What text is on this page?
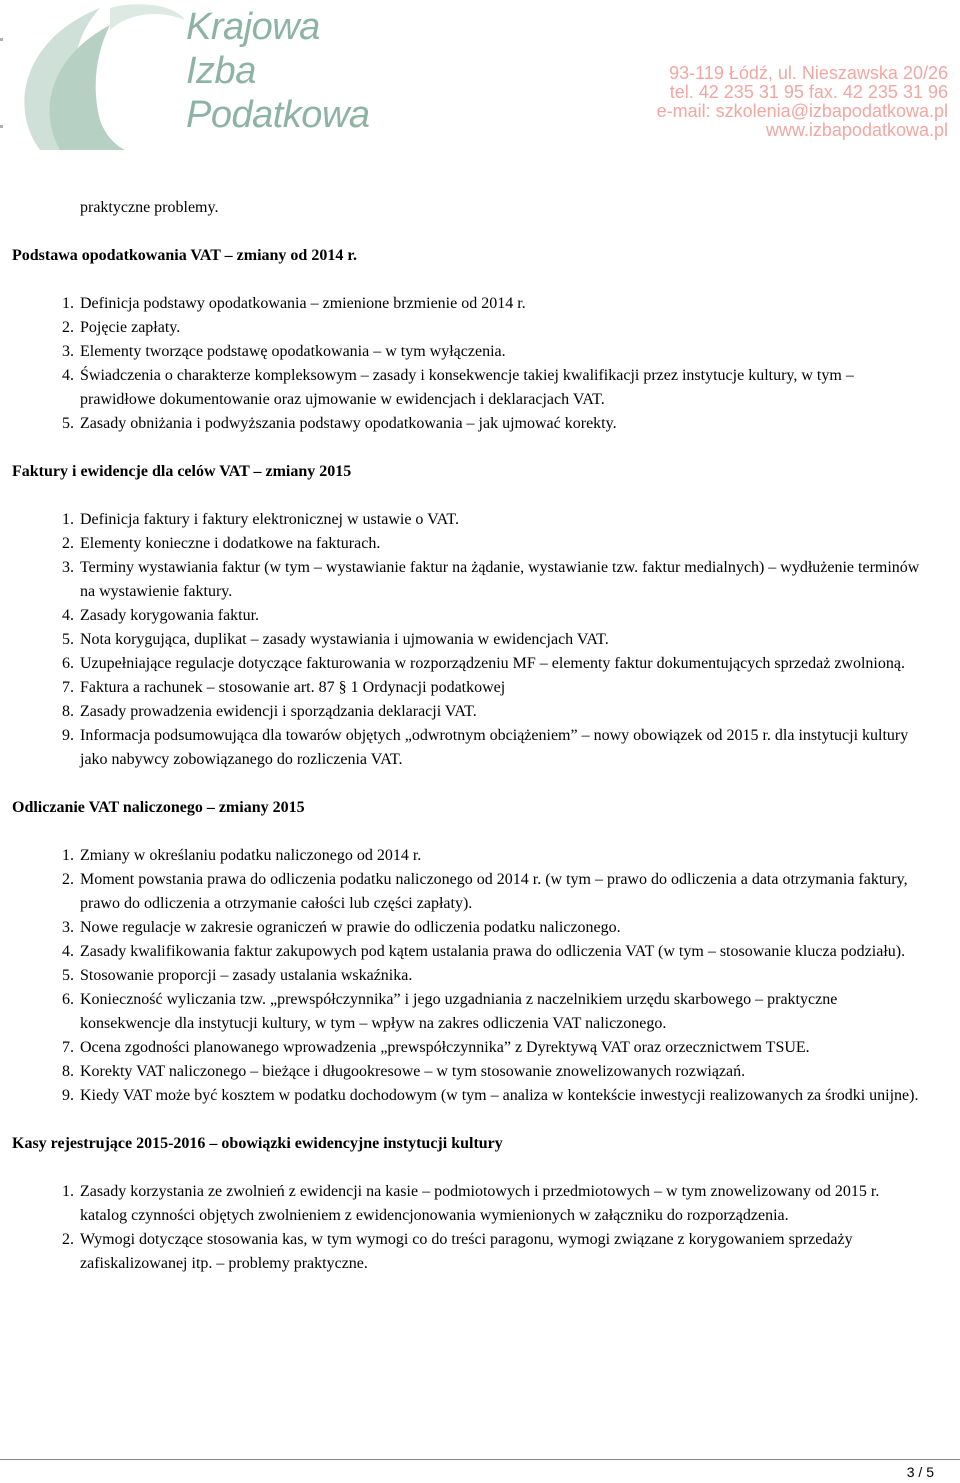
Krajowa
Izba
Podatkowa
93-119 Łódź, ul. Nieszawska 20/26
tel. 42 235 31 95 fax. 42 235 31 96
e-mail: szkolenia@izbapodatkowa.pl
www.izbapodatkowa.pl

praktyczne problemy.

Podstawa opodatkowania VAT – zmiany od 2014 r.
1. Definicja podstawy opodatkowania – zmienione brzmienie od 2014 r.
2. Pojęcie zapłaty.
3. Elementy tworzące podstawę opodatkowania – w tym wyłączenia.
4. Świadczenia o charakterze kompleksowym – zasady i konsekwencje takiej kwalifikacji przez instytucje kultury, w tym – prawidłowe dokumentowanie oraz ujmowanie w ewidencjach i deklaracjach VAT.
5. Zasady obniżania i podwyższania podstawy opodatkowania – jak ujmować korekty.
Faktury i ewidencje dla celów VAT – zmiany 2015
1. Definicja faktury i faktury elektronicznej w ustawie o VAT.
2. Elementy konieczne i dodatkowe na fakturach.
3. Terminy wystawiania faktur (w tym – wystawianie faktur na żądanie, wystawianie tzw. faktur medialnych) – wydłużenie terminów na wystawienie faktury.
4. Zasady korygowania faktur.
5. Nota korygująca, duplikat – zasady wystawiania i ujmowania w ewidencjach VAT.
6. Uzupełniające regulacje dotyczące fakturowania w rozporządzeniu MF – elementy faktur dokumentujących sprzedaż zwolnioną.
7. Faktura a rachunek – stosowanie art. 87 § 1 Ordynacji podatkowej
8. Zasady prowadzenia ewidencji i sporządzania deklaracji VAT.
9. Informacja podsumowująca dla towarów objętych „odwrotnym obciążeniem” – nowy obowiązek od 2015 r. dla instytucji kultury jako nabywcy zobowiązanego do rozliczenia VAT.
Odliczanie VAT naliczonego – zmiany 2015
1. Zmiany w określaniu podatku naliczonego od 2014 r.
2. Moment powstania prawa do odliczenia podatku naliczonego od 2014 r. (w tym – prawo do odliczenia a data otrzymania faktury, prawo do odliczenia a otrzymanie całości lub części zapłaty).
3. Nowe regulacje w zakresie ograniczeń w prawie do odliczenia podatku naliczonego.
4. Zasady kwalifikowania faktur zakupowych pod kątem ustalania prawa do odliczenia VAT (w tym – stosowanie klucza podziału).
5. Stosowanie proporcji – zasady ustalania wskaźnika.
6. Konieczność wyliczania tzw. „prewspółczynnika” i jego uzgadniania z naczelnikiem urzędu skarbowego – praktyczne konsekwencje dla instytucji kultury, w tym – wpływ na zakres odliczenia VAT naliczonego.
7. Ocena zgodności planowanego wprowadzenia „prewspółczynnika” z Dyrektywą VAT oraz orzecznictwem TSUE.
8. Korekty VAT naliczonego – bieżące i długookresowe – w tym stosowanie znowelizowanych rozwiązań.
9. Kiedy VAT może być kosztem w podatku dochodowym (w tym – analiza w kontekście inwestycji realizowanych za środki unijne).
Kasy rejestrujące 2015-2016 – obowiązki ewidencyjne instytucji kultury
1. Zasady korzystania ze zwolnień z ewidencji na kasie – podmiotowych i przedmiotowych – w tym znowelizowany od 2015 r. katalog czynności objętych zwolnieniem z ewidencjonowania wymienionych w załączniku do rozporządzenia.
2. Wymogi dotyczące stosowania kas, w tym wymogi co do treści paragonu, wymogi związane z korygowaniem sprzedaży zafiskalizowanej itp. – problemy praktyczne.
3 / 5
